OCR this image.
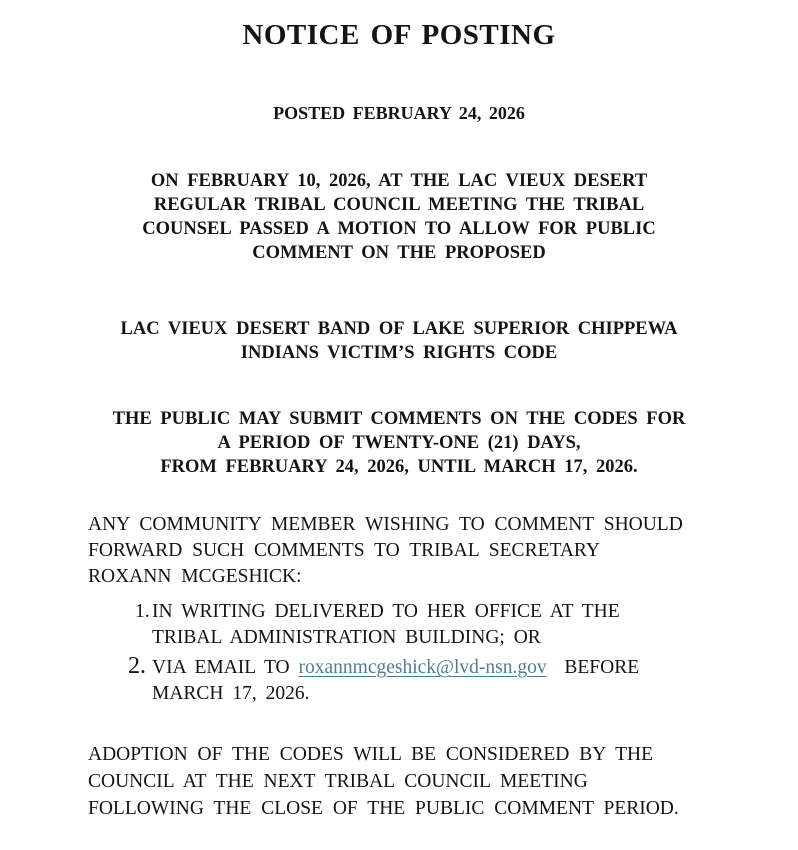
NOTICE OF POSTING
POSTED FEBRUARY 24, 2026
ON FEBRUARY 10, 2026, AT THE LAC VIEUX DESERT
REGULAR TRIBAL COUNCIL MEETING THE TRIBAL
COUNSEL PASSED A MOTION TO ALLOW FOR PUBLIC
COMMENT ON THE PROPOSED
LAC VIEUX DESERT BAND OF LAKE SUPERIOR CHIPPEWA
INDIANS VICTIM’S RIGHTS CODE
THE PUBLIC MAY SUBMIT COMMENTS ON THE CODES FOR
A PERIOD OF TWENTY-ONE (21) DAYS,
FROM FEBRUARY 24, 2026, UNTIL MARCH 17, 2026.
ANY COMMUNITY MEMBER WISHING TO COMMENT SHOULD
FORWARD SUCH COMMENTS TO TRIBAL SECRETARY
ROXANN MCGESHICK:
1. IN WRITING DELIVERED TO HER OFFICE AT THE
TRIBAL ADMINISTRATION BUILDING; OR
2. VIA EMAIL TO roxannmcgeshick@lvd-nsn.gov  BEFORE
MARCH 17, 2026.
ADOPTION OF THE CODES WILL BE CONSIDERED BY THE
COUNCIL AT THE NEXT TRIBAL COUNCIL MEETING
FOLLOWING THE CLOSE OF THE PUBLIC COMMENT PERIOD.
